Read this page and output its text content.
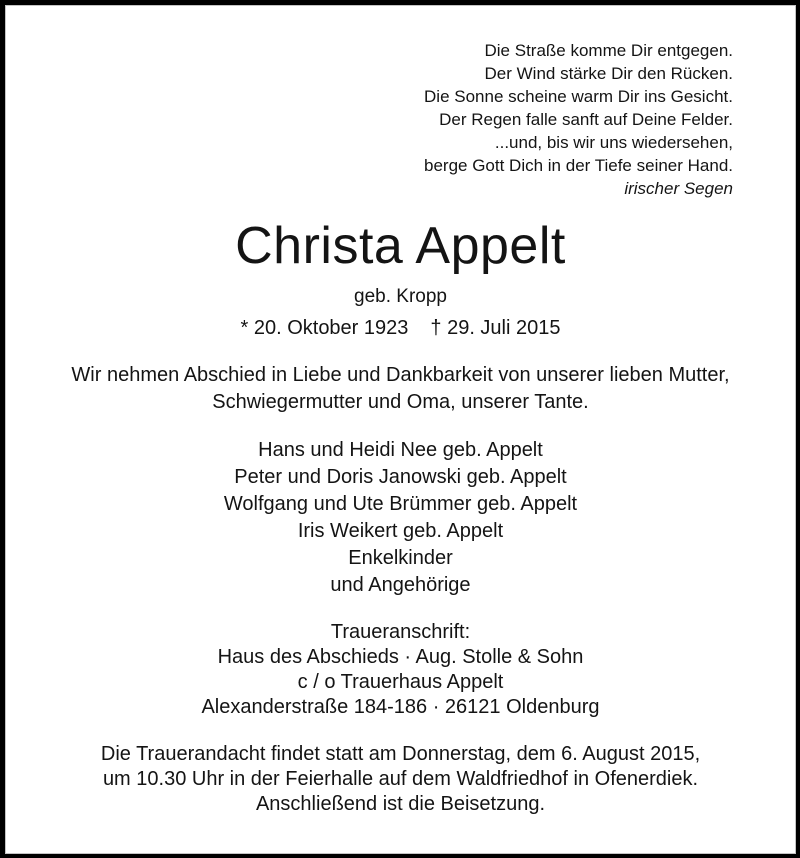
Die Straße komme Dir entgegen.
Der Wind stärke Dir den Rücken.
Die Sonne scheine warm Dir ins Gesicht.
Der Regen falle sanft auf Deine Felder.
...und, bis wir uns wiedersehen,
berge Gott Dich in der Tiefe seiner Hand.
irischer Segen
Christa Appelt
geb. Kropp
* 20. Oktober 1923 † 29. Juli 2015
Wir nehmen Abschied in Liebe und Dankbarkeit von unserer lieben Mutter,
Schwiegermutter und Oma, unserer Tante.
Hans und Heidi Nee geb. Appelt
Peter und Doris Janowski geb. Appelt
Wolfgang und Ute Brümmer geb. Appelt
Iris Weikert geb. Appelt
Enkelkinder
und Angehörige
Traueranschrift:
Haus des Abschieds · Aug. Stolle & Sohn
c / o Trauerhaus Appelt
Alexanderstraße 184-186 · 26121 Oldenburg
Die Trauerandacht findet statt am Donnerstag, dem 6. August 2015,
um 10.30 Uhr in der Feierhalle auf dem Waldfriedhof in Ofenerdiek.
Anschließend ist die Beisetzung.
